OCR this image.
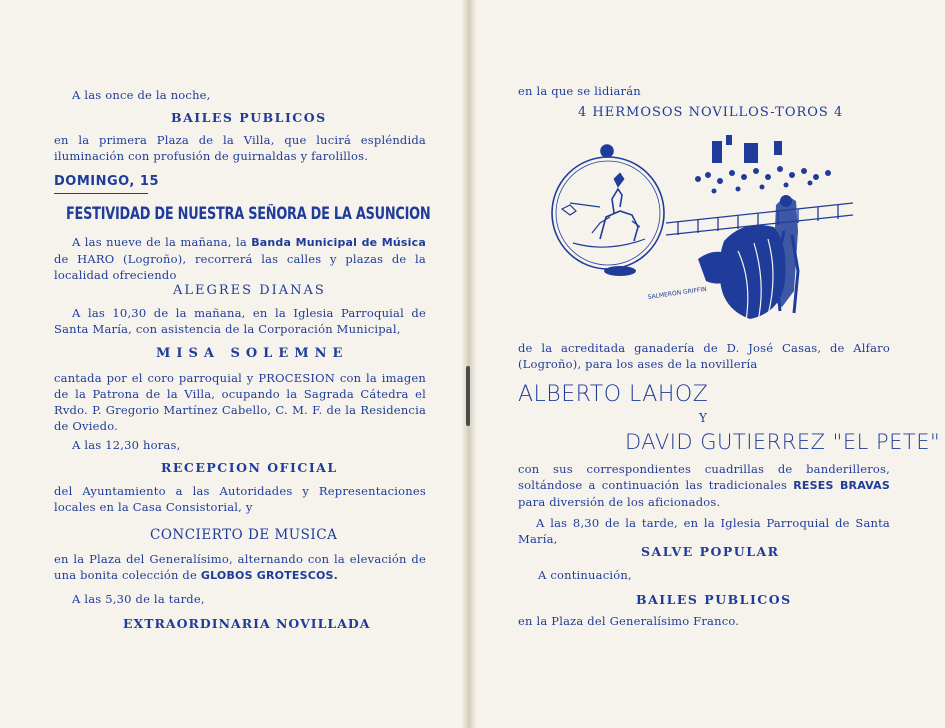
A las once de la noche,

BAILES PUBLICOS

en la primera Plaza de la Villa, que lucirá espléndida iluminación con profusión de guirnaldas y farolillos.

DOMINGO, 15

FESTIVIDAD DE NUESTRA SEÑORA DE LA ASUNCION

A las nueve de la mañana, la Banda Municipal de Música de HARO (Logroño), recorrerá las calles y plazas de la localidad ofreciendo

ALEGRES DIANAS

A las 10,30 de la mañana, en la Iglesia Parroquial de Santa María, con asistencia de la Corporación Municipal,

MISA SOLEMNE

cantada por el coro parroquial y PROCESION con la imagen de la Patrona de la Villa, ocupando la Sagrada Cátedra el Rvdo. P. Gregorio Martínez Cabello, C. M. F. de la Residencia de Oviedo.

A las 12,30 horas,

RECEPCION OFICIAL

del Ayuntamiento a las Autoridades y Representaciones locales en la Casa Consistorial, y

CONCIERTO DE MUSICA

en la Plaza del Generalísimo, alternando con la elevación de una bonita colección de GLOBOS GROTESCOS.

A las 5,30 de la tarde,

EXTRAORDINARIA NOVILLADA

en la que se lidiarán

4 HERMOSOS NOVILLOS-TOROS 4

SALMERÓN GRIFFIN

de la acreditada ganadería de D. José Casas, de Alfaro (Logroño), para los ases de la novillería

ALBERTO LAHOZ

Y

DAVID GUTIERREZ "EL PETE"

con sus correspondientes cuadrillas de banderilleros, soltándose a continuación las tradicionales RESES BRAVAS para diversión de los aficionados.

A las 8,30 de la tarde, en la Iglesia Parroquial de Santa María,

SALVE POPULAR

A continuación,

BAILES PUBLICOS

en la Plaza del Generalísimo Franco.
